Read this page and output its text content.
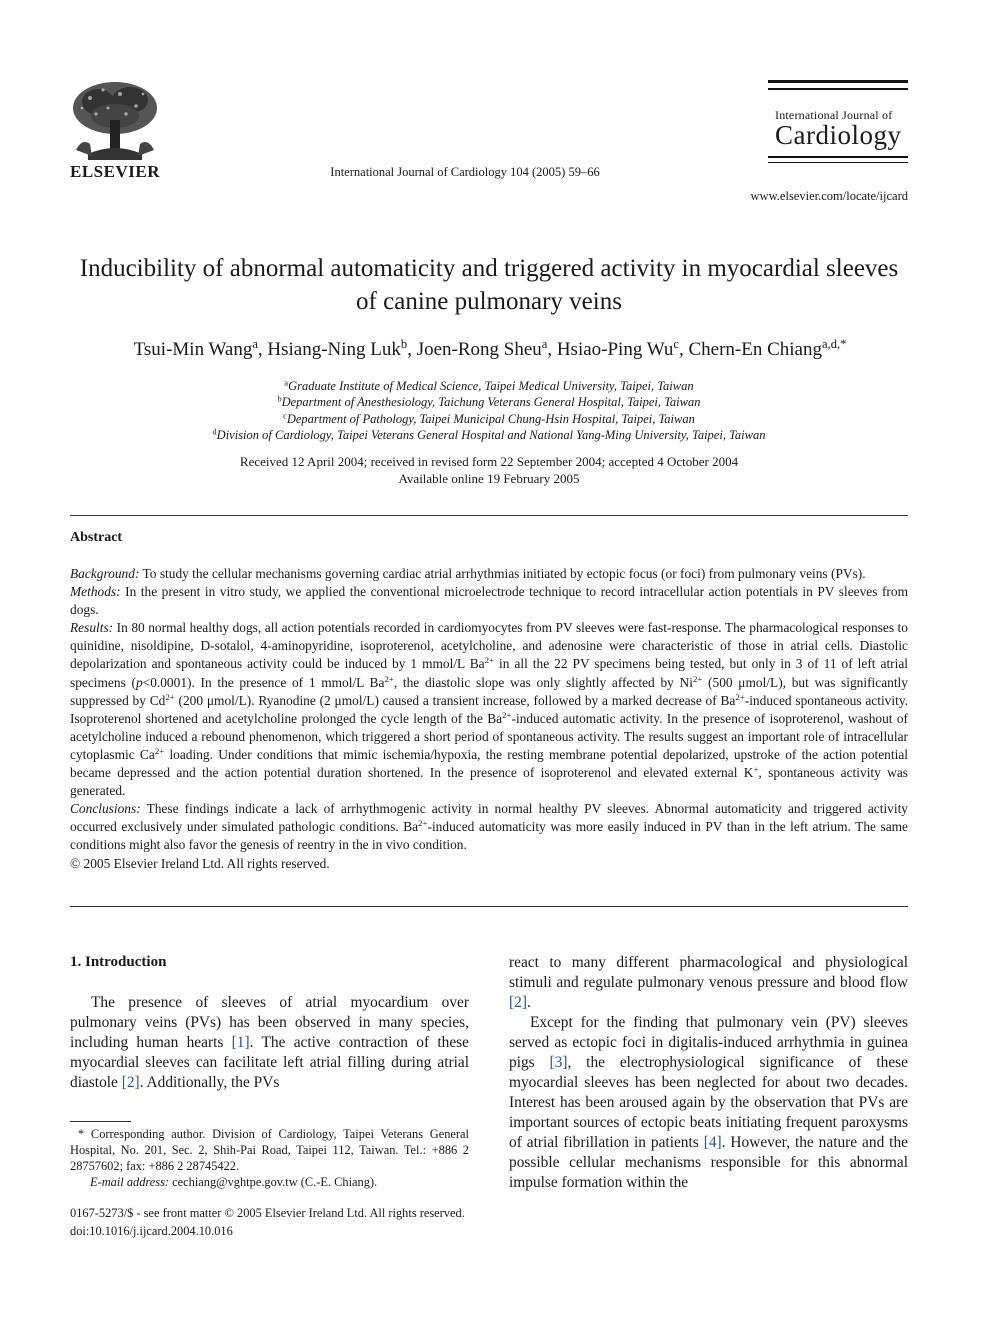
ELSEVIER	International Journal of Cardiology 104 (2005) 59–66
International Journal of
Cardiology
www.elsevier.com/locate/ijcard
Inducibility of abnormal automaticity and triggered activity in myocardial sleeves of canine pulmonary veins
Tsui-Min Wang$^a$, Hsiang-Ning Luk$^b$, Joen-Rong Sheu$^a$, Hsiao-Ping Wu$^c$, Chern-En Chiang$^{a,d,*}$
$^a$Graduate Institute of Medical Science, Taipei Medical University, Taipei, Taiwan
$^b$Department of Anesthesiology, Taichung Veterans General Hospital, Taipei, Taiwan
$^c$Department of Pathology, Taipei Municipal Chung-Hsin Hospital, Taipei, Taiwan
$^d$Division of Cardiology, Taipei Veterans General Hospital and National Yang-Ming University, Taipei, Taiwan
Received 12 April 2004; received in revised form 22 September 2004; accepted 4 October 2004
Available online 19 February 2005
Abstract

Background: To study the cellular mechanisms governing cardiac atrial arrhythmias initiated by ectopic focus (or foci) from pulmonary veins (PVs).

Methods: In the present in vitro study, we applied the conventional microelectrode technique to record intracellular action potentials in PV sleeves from dogs.

Results: In 80 normal healthy dogs, all action potentials recorded in cardiomyocytes from PV sleeves were fast-response. The pharmacological responses to quinidine, nisoldipine, D-sotalol, 4-aminopyridine, isoproterenol, acetylcholine, and adenosine were characteristic of those in atrial cells. Diastolic depolarization and spontaneous activity could be induced by 1 mmol/L $Ba^{2+}$ in all the 22 PV specimens being tested, but only in 3 of 11 of left atrial specimens (p<0.0001). In the presence of 1 mmol/L $Ba^{2+}$, the diastolic slope was only slightly affected by $Ni^{2+}$ (500 μmol/L), but was significantly suppressed by $Cd^{2+}$ (200 μmol/L). Ryanodine (2 μmol/L) caused a transient increase, followed by a marked decrease of $Ba^{2+}$-induced spontaneous activity. Isoproterenol shortened and acetylcholine prolonged the cycle length of the $Ba^{2+}$-induced automatic activity. In the presence of isoproterenol, washout of acetylcholine induced a rebound phenomenon, which triggered a short period of spontaneous activity. The results suggest an important role of intracellular cytoplasmic $Ca^{2+}$ loading. Under conditions that mimic ischemia/hypoxia, the resting membrane potential depolarized, upstroke of the action potential became depressed and the action potential duration shortened. In the presence of isoproterenol and elevated external K+, spontaneous activity was generated.

Conclusions: These findings indicate a lack of arrhythmogenic activity in normal healthy PV sleeves. Abnormal automaticity and triggered activity occurred exclusively under simulated pathologic conditions. $Ba^{2+}$-induced automaticity was more easily induced in PV than in the left atrium. The same conditions might also favor the genesis of reentry in the in vivo condition.

© 2005 Elsevier Ireland Ltd. All rights reserved.

1. Introduction

The presence of sleeves of atrial myocardium over pulmonary veins (PVs) has been observed in many species, including human hearts [1]. The active contraction of these myocardial sleeves can facilitate left atrial filling during atrial diastole [2]. Additionally, the PVs

react to many different pharmacological and physiological stimuli and regulate pulmonary venous pressure and blood flow [2].

Except for the finding that pulmonary vein (PV) sleeves served as ectopic foci in digitalis-induced arrhythmia in guinea pigs [3], the electrophysiological significance of these myocardial sleeves has been neglected for about two decades. Interest has been aroused again by the observation that PVs are important sources of ectopic beats initiating frequent paroxysms of atrial fibrillation in patients [4]. However, the nature and the possible cellular mechanisms responsible for this abnormal impulse formation within the

* Corresponding author. Division of Cardiology, Taipei Veterans General Hospital, No. 201, Sec. 2, Shih-Pai Road, Taipei 112, Taiwan. Tel.: +886 2 28757602; fax: +886 2 28745422.

E-mail address: cechiang@vghtpe.gov.tw (C.-E. Chiang).

0167-5273/$ - see front matter © 2005 Elsevier Ireland Ltd. All rights reserved.
doi:10.1016/j.ijcard.2004.10.016
